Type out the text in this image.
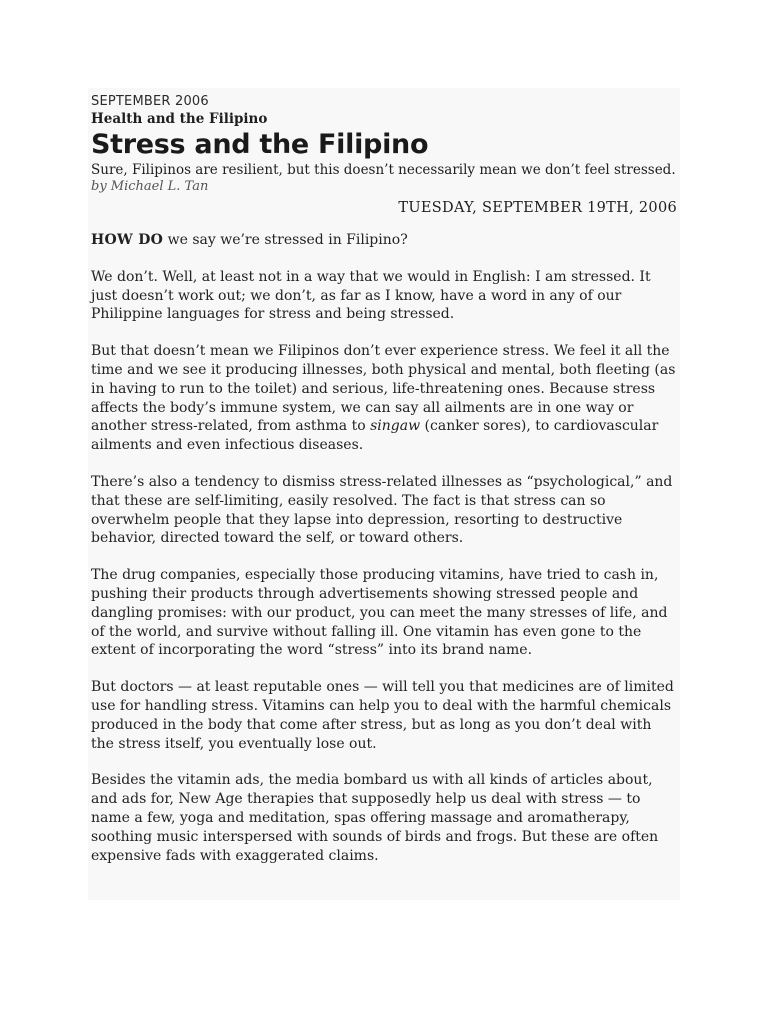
SEPTEMBER 2006
Health and the Filipino
Stress and the Filipino
Sure, Filipinos are resilient, but this doesn’t necessarily mean we don’t feel stressed.
by Michael L. Tan
TUESDAY, SEPTEMBER 19TH, 2006

HOW DO we say we’re stressed in Filipino?

We don’t. Well, at least not in a way that we would in English: I am stressed. It just doesn’t work out; we don’t, as far as I know, have a word in any of our Philippine languages for stress and being stressed.

But that doesn’t mean we Filipinos don’t ever experience stress. We feel it all the time and we see it producing illnesses, both physical and mental, both fleeting (as in having to run to the toilet) and serious, life-threatening ones. Because stress affects the body’s immune system, we can say all ailments are in one way or another stress-related, from asthma to singaw (canker sores), to cardiovascular ailments and even infectious diseases.

There’s also a tendency to dismiss stress-related illnesses as “psychological,” and that these are self-limiting, easily resolved. The fact is that stress can so overwhelm people that they lapse into depression, resorting to destructive behavior, directed toward the self, or toward others.

The drug companies, especially those producing vitamins, have tried to cash in, pushing their products through advertisements showing stressed people and dangling promises: with our product, you can meet the many stresses of life, and of the world, and survive without falling ill. One vitamin has even gone to the extent of incorporating the word “stress” into its brand name.

But doctors — at least reputable ones — will tell you that medicines are of limited use for handling stress. Vitamins can help you to deal with the harmful chemicals produced in the body that come after stress, but as long as you don’t deal with the stress itself, you eventually lose out.

Besides the vitamin ads, the media bombard us with all kinds of articles about, and ads for, New Age therapies that supposedly help us deal with stress — to name a few, yoga and meditation, spas offering massage and aromatherapy, soothing music interspersed with sounds of birds and frogs. But these are often expensive fads with exaggerated claims.
